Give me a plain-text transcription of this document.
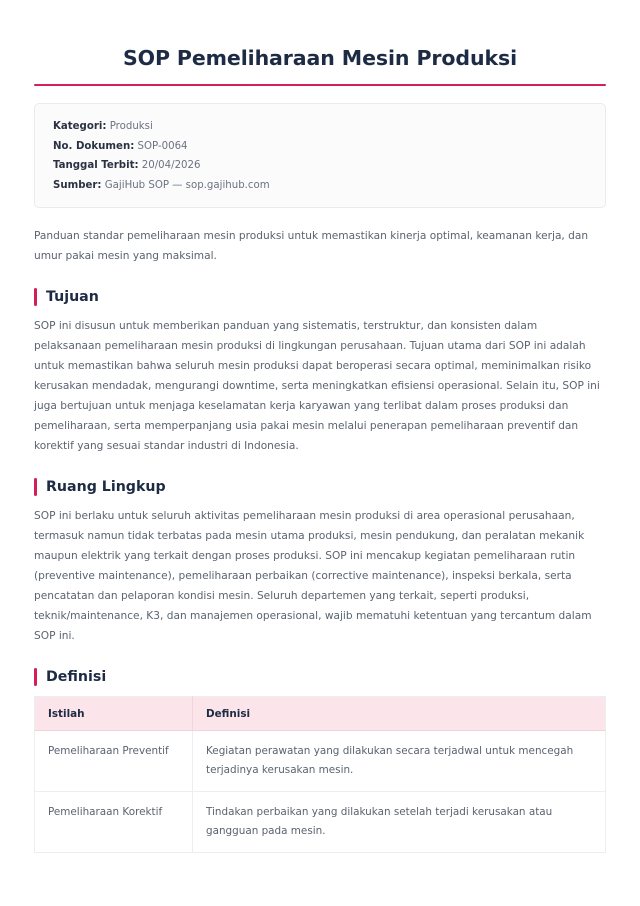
SOP Pemeliharaan Mesin Produksi
Kategori: Produksi
No. Dokumen: SOP-0064
Tanggal Terbit: 20/04/2026
Sumber: GajiHub SOP — sop.gajihub.com

Panduan standar pemeliharaan mesin produksi untuk memastikan kinerja optimal, keamanan kerja, dan umur pakai mesin yang maksimal.

Tujuan

SOP ini disusun untuk memberikan panduan yang sistematis, terstruktur, dan konsisten dalam pelaksanaan pemeliharaan mesin produksi di lingkungan perusahaan. Tujuan utama dari SOP ini adalah untuk memastikan bahwa seluruh mesin produksi dapat beroperasi secara optimal, meminimalkan risiko kerusakan mendadak, mengurangi downtime, serta meningkatkan efisiensi operasional. Selain itu, SOP ini juga bertujuan untuk menjaga keselamatan kerja karyawan yang terlibat dalam proses produksi dan pemeliharaan, serta memperpanjang usia pakai mesin melalui penerapan pemeliharaan preventif dan korektif yang sesuai standar industri di Indonesia.

Ruang Lingkup

SOP ini berlaku untuk seluruh aktivitas pemeliharaan mesin produksi di area operasional perusahaan, termasuk namun tidak terbatas pada mesin utama produksi, mesin pendukung, dan peralatan mekanik maupun elektrik yang terkait dengan proses produksi. SOP ini mencakup kegiatan pemeliharaan rutin (preventive maintenance), pemeliharaan perbaikan (corrective maintenance), inspeksi berkala, serta pencatatan dan pelaporan kondisi mesin. Seluruh departemen yang terkait, seperti produksi, teknik/maintenance, K3, dan manajemen operasional, wajib mematuhi ketentuan yang tercantum dalam SOP ini.

Definisi
Istilah	Definisi
Pemeliharaan Preventif	Kegiatan perawatan yang dilakukan secara terjadwal untuk mencegah terjadinya kerusakan mesin.
Pemeliharaan Korektif	Tindakan perbaikan yang dilakukan setelah terjadi kerusakan atau gangguan pada mesin.
